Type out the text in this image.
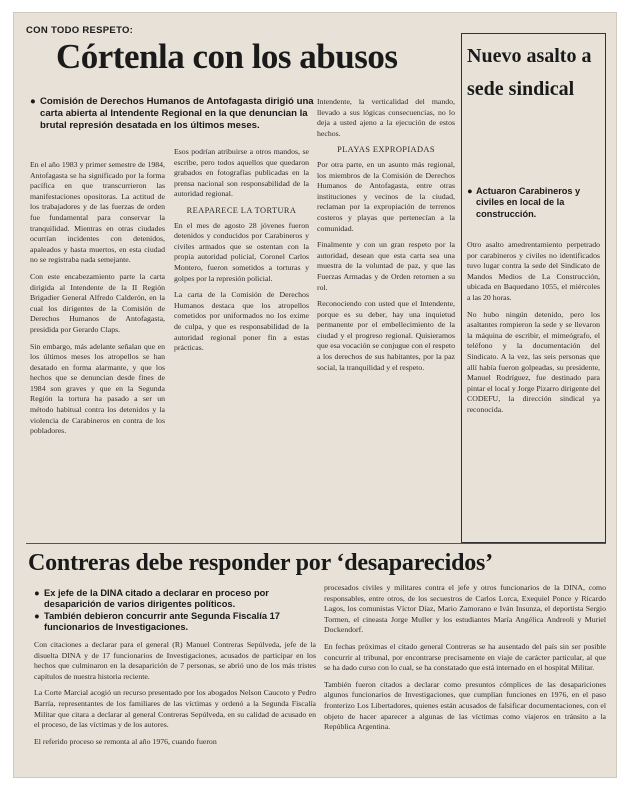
CON TODO RESPETO:
Córtenla con los abusos
● Comisión de Derechos Humanos de Antofagasta dirigió una carta abierta al Intendente Regional en la que denuncian la brutal represión desatada en los últimos meses.

En el año 1983 y primer semestre de 1984, Antofagasta se ha significado por la forma pacífica en que transcurrieron las manifestaciones opositoras. La actitud de los trabajadores y de las fuerzas de orden fue fundamental para conservar la tranquilidad. Mientras en otras ciudades ocurrían incidentes con detenidos, apaleados y hasta muertos, en esta ciudad no se registraba nada semejante.

Con este encabezamiento parte la carta dirigida al Intendente de la II Región Brigadier General Alfredo Calderón, en la cual los dirigentes de la Comisión de Derechos Humanos de Antofagasta, presidida por Gerardo Claps.

Sin embargo, más adelante señalan que en los últimos meses los atropellos se han desatado en forma alarmante, y que los hechos que se denuncian desde fines de 1984 son graves y que en la Segunda Región la tortura ha pasado a ser un método habitual contra los detenidos y la violencia de Carabineros en contra de los pobladores.

Esos podrían atribuirse a otros mandos, se escribe, pero todos aquellos que quedaron grabados en fotografías publicadas en la prensa nacional son responsabilidad de la autoridad regional.

REAPARECE LA TORTURA

En el mes de agosto 28 jóvenes fueron detenidos y conducidos por Carabineros y civiles armados que se ostentan con la propia autoridad policial, Coronel Carlos Montero, fueron sometidos a torturas y golpes por la represión policial.

La carta de la Comisión de Derechos Humanos destaca que los atropellos cometidos por uniformados no los exime de culpa, y que es responsabilidad de la autoridad regional poner fin a estas prácticas.

Intendente, la verticalidad del mando, llevado a sus lógicas consecuencias, no lo deja a usted ajeno a la ejecución de estos hechos.

PLAYAS EXPROPIADAS

Por otra parte, en un asunto más regional, los miembros de la Comisión de Derechos Humanos de Antofagasta, entre otras instituciones y vecinos de la ciudad, reclaman por la expropiación de terrenos costeros y playas que pertenecían a la comunidad.

Finalmente y con un gran respeto por la autoridad, desean que esta carta sea una muestra de la voluntad de paz, y que las Fuerzas Armadas y de Orden retornen a su rol.

Reconociendo con usted que el Intendente, porque es su deber, hay una inquietud permanente por el embellecimiento de la ciudad y el progreso regional. Quisieramos que esa vocación se conjugue con el respeto a los derechos de sus habitantes, por la paz social, la tranquilidad y el respeto.

Nuevo asalto a sede sindical
● Actuaron Carabineros y civiles en local de la construcción.

Otro asalto amedrentamiento perpetrado por carabineros y civiles no identificados tuvo lugar contra la sede del Sindicato de Mandos Medios de La Construcción, ubicada en Baquedano 1055, el miércoles a las 20 horas.

No hubo ningún detenido, pero los asaltantes rompieron la sede y se llevaron la máquina de escribir, el mimeógrafo, el teléfono y la documentación del Sindicato. A la vez, las seis personas que allí había fueron golpeadas, su presidente, Manuel Rodríguez, fue destinado para pintar el local y Jorge Pizarro dirigente del CODEFU, la dirección sindical ya reconocida.

Contreras debe responder por ‘desaparecidos’
● Ex jefe de la DINA citado a declarar en proceso por desaparición de varios dirigentes políticos.
● También debieron concurrir ante Segunda Fiscalía 17 funcionarios de Investigaciones.

Con citaciones a declarar para el general (R) Manuel Contreras Sepúlveda, jefe de la disuelta DINA y de 17 funcionarios de Investigaciones, acusados de participar en los hechos que culminaron en la desaparición de 7 personas, se abrió uno de los más tristes capítulos de nuestra historia reciente.

La Corte Marcial acogió un recurso presentado por los abogados Nelson Caucoto y Pedro Barría, representantes de los familiares de las víctimas y ordenó a la Segunda Fiscalía Militar que citara a declarar al general Contreras Sepúlveda, en su calidad de acusado en el proceso, de las víctimas y de los autores.

El referido proceso se remonta al año 1976, cuando fueron

procesados civiles y militares contra el jefe y otros funcionarios de la DINA, como responsables, entre otros, de los secuestros de Carlos Lorca, Exequiel Ponce y Ricardo Lagos, los comunistas Víctor Díaz, Mario Zamorano e Iván Insunza, el deportista Sergio Tormen, el cineasta Jorge Muller y los estudiantes María Angélica Andreoli y Muriel Dockendorf.

En fechas próximas el citado general Contreras se ha ausentado del país sin ser posible concurrir al tribunal, por encontrarse precisamente en viaje de carácter particular, al que se ha dado curso con lo cual, se ha constatado que está internado en el hospital Militar.

También fueron citados a declarar como presuntos cómplices de las desapariciones algunos funcionarios de Investigaciones, que cumplían funciones en 1976, en el paso fronterizo Los Libertadores, quienes están acusados de falsificar documentaciones, con el objeto de hacer aparecer a algunas de las víctimas como viajeros en tránsito a la República Argentina.
